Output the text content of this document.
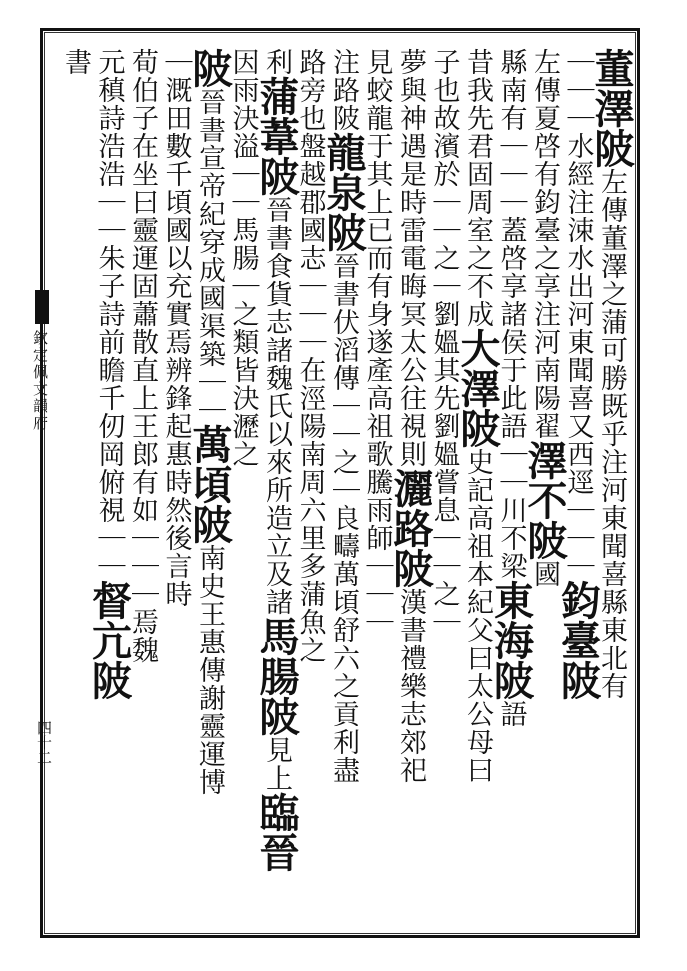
欽定佩文韻府
四十二
董澤陂左傳董澤之蒲可勝既乎注河東聞喜縣東北有
｜｜｜水經注涑水出河東聞喜又西逕｜｜｜鈞臺陂
左傳夏啓有鈞臺之享注河南陽翟澤不陂國
縣南有｜｜｜蓋啓享諸侯于此語｜｜川不梁東海陂語
昔我先君固周室之不成大澤陂史記高祖本紀父曰太公母曰
子也故濱於｜｜之｜劉媼其先劉媼嘗息｜｜之｜
夢與神遇是時雷電晦冥太公往視則灑路陂漢書禮樂志郊祀
見蛟龍于其上已而有身遂產高祖歌騰雨師｜｜｜
注路陂龍泉陂晉書伏滔傳｜｜之｜良疇萬頃舒六之貢利盡
路旁也盤越郡國志｜｜｜在涇陽南周六里多蒲魚之
利蒲葦陂晉書食貨志諸魏氏以來所造立及諸馬腸陂見上臨晉
因雨決溢｜｜馬腸｜之類皆決瀝之
陂晉書宣帝紀穿成國渠築｜｜萬頃陂南史王惠傳謝靈運博
｜溉田數千頃國以充實焉辨鋒起惠時然後言時
荀伯子在坐曰靈運固蕭散直上王郎有如｜｜｜焉魏
元稹詩浩浩｜｜朱子詩前瞻千仞岡俯視｜｜督亢陂
書
